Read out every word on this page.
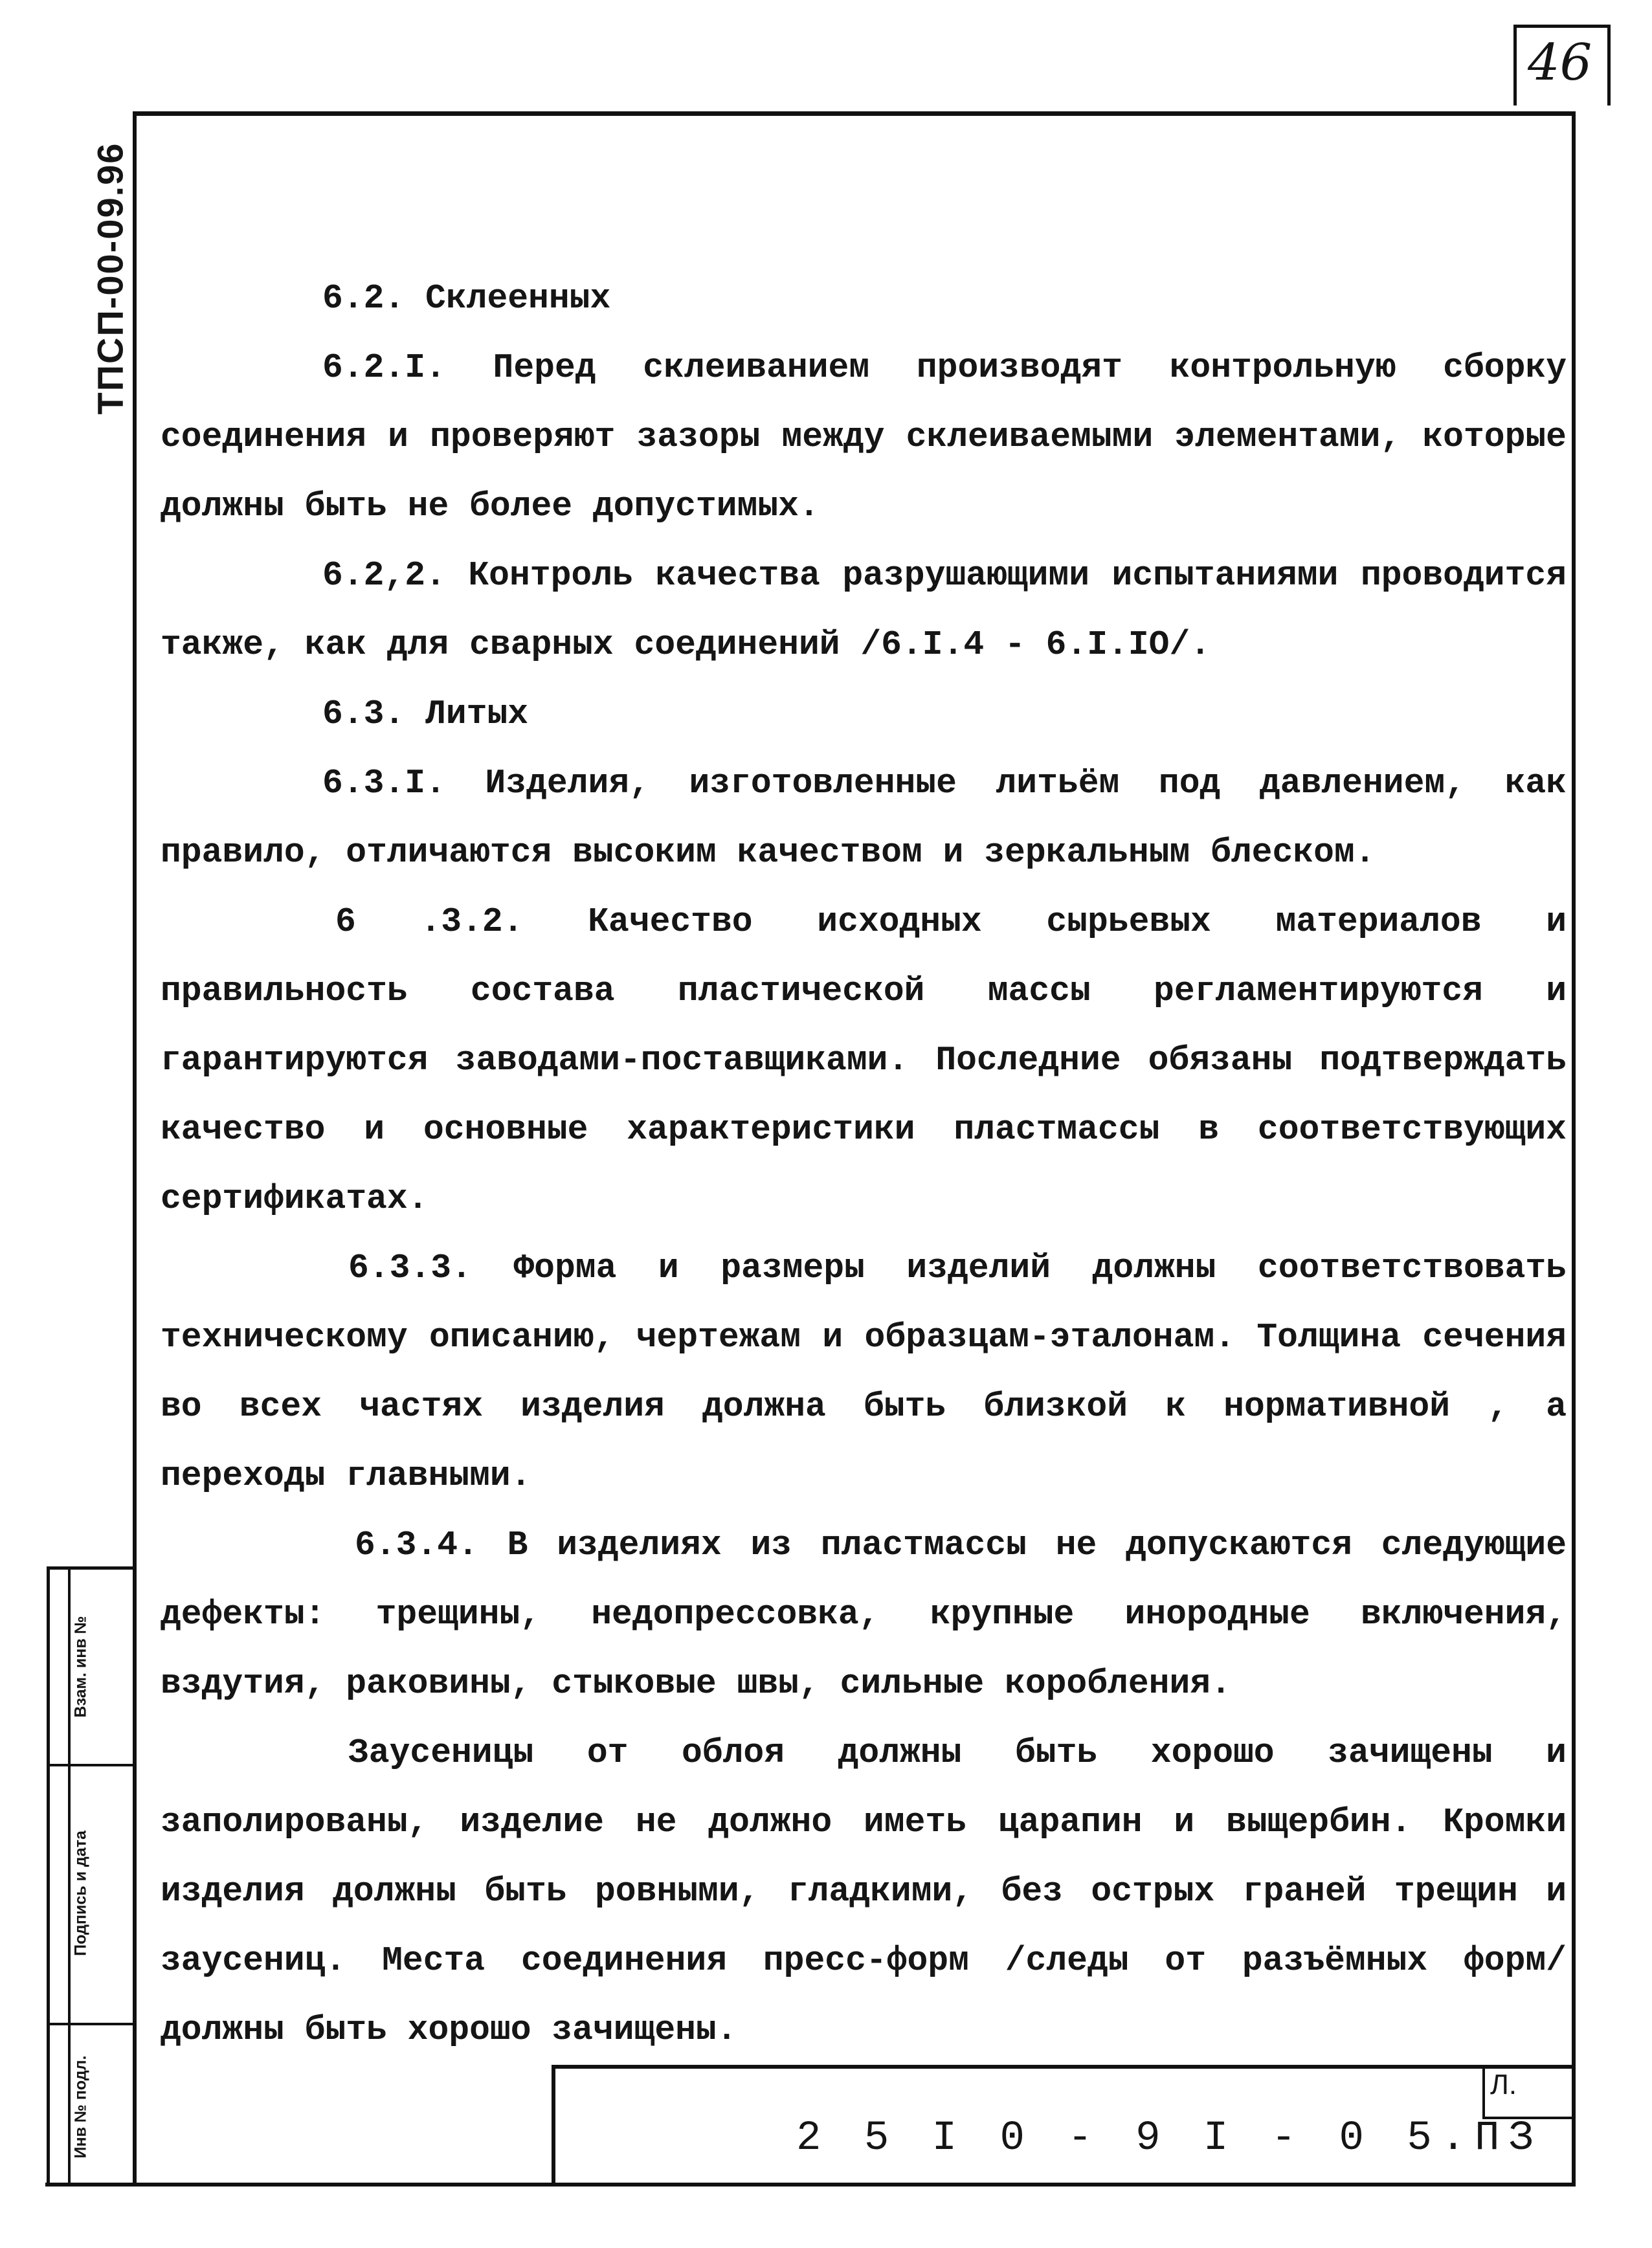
46
ТПСП-00-09.96
Взам. инв №
Подпись и дата
Инв № подл.	Л.
2 5 I 0 - 9 I - 0 5.ПЗ

6.2. Склеенных

6.2.I. Перед склеиванием производят контрольную сборку соединения и проверяют зазоры между склеиваемыми элементами, которые должны быть не более допустимых.

6.2,2. Контроль качества разрушающими испытаниями проводится также, как для сварных соединений /6.I.4 - 6.I.IO/.

6.3. Литых

6.3.I. Изделия, изготовленные литьём под давлением, как правило, отличаются высоким качеством и зеркальным блеском.

6 .3.2. Качество исходных сырьевых материалов и правильность состава пластической массы регламентируются и гарантируются заводами-поставщиками. Последние обязаны подтверждать качество и основные характеристики пластмассы в соответствующих сертификатах.

6.3.3. Форма и размеры изделий должны соответствовать техническому описанию, чертежам и образцам-эталонам. Толщина сечения во всех частях изделия должна быть близкой к нормативной , а переходы главными.

6.3.4. В изделиях из пластмассы не допускаются следующие дефекты: трещины, недопрессовка, крупные инородные включения, вздутия, раковины, стыковые швы, сильные коробления.

Заусеницы от облоя должны быть хорошо зачищены и заполированы, изделие не должно иметь царапин и выщербин. Кромки изделия должны быть ровными, гладкими, без острых граней трещин и заусениц. Места соединения пресс-форм /следы от разъёмных форм/ должны быть хорошо зачищены.
